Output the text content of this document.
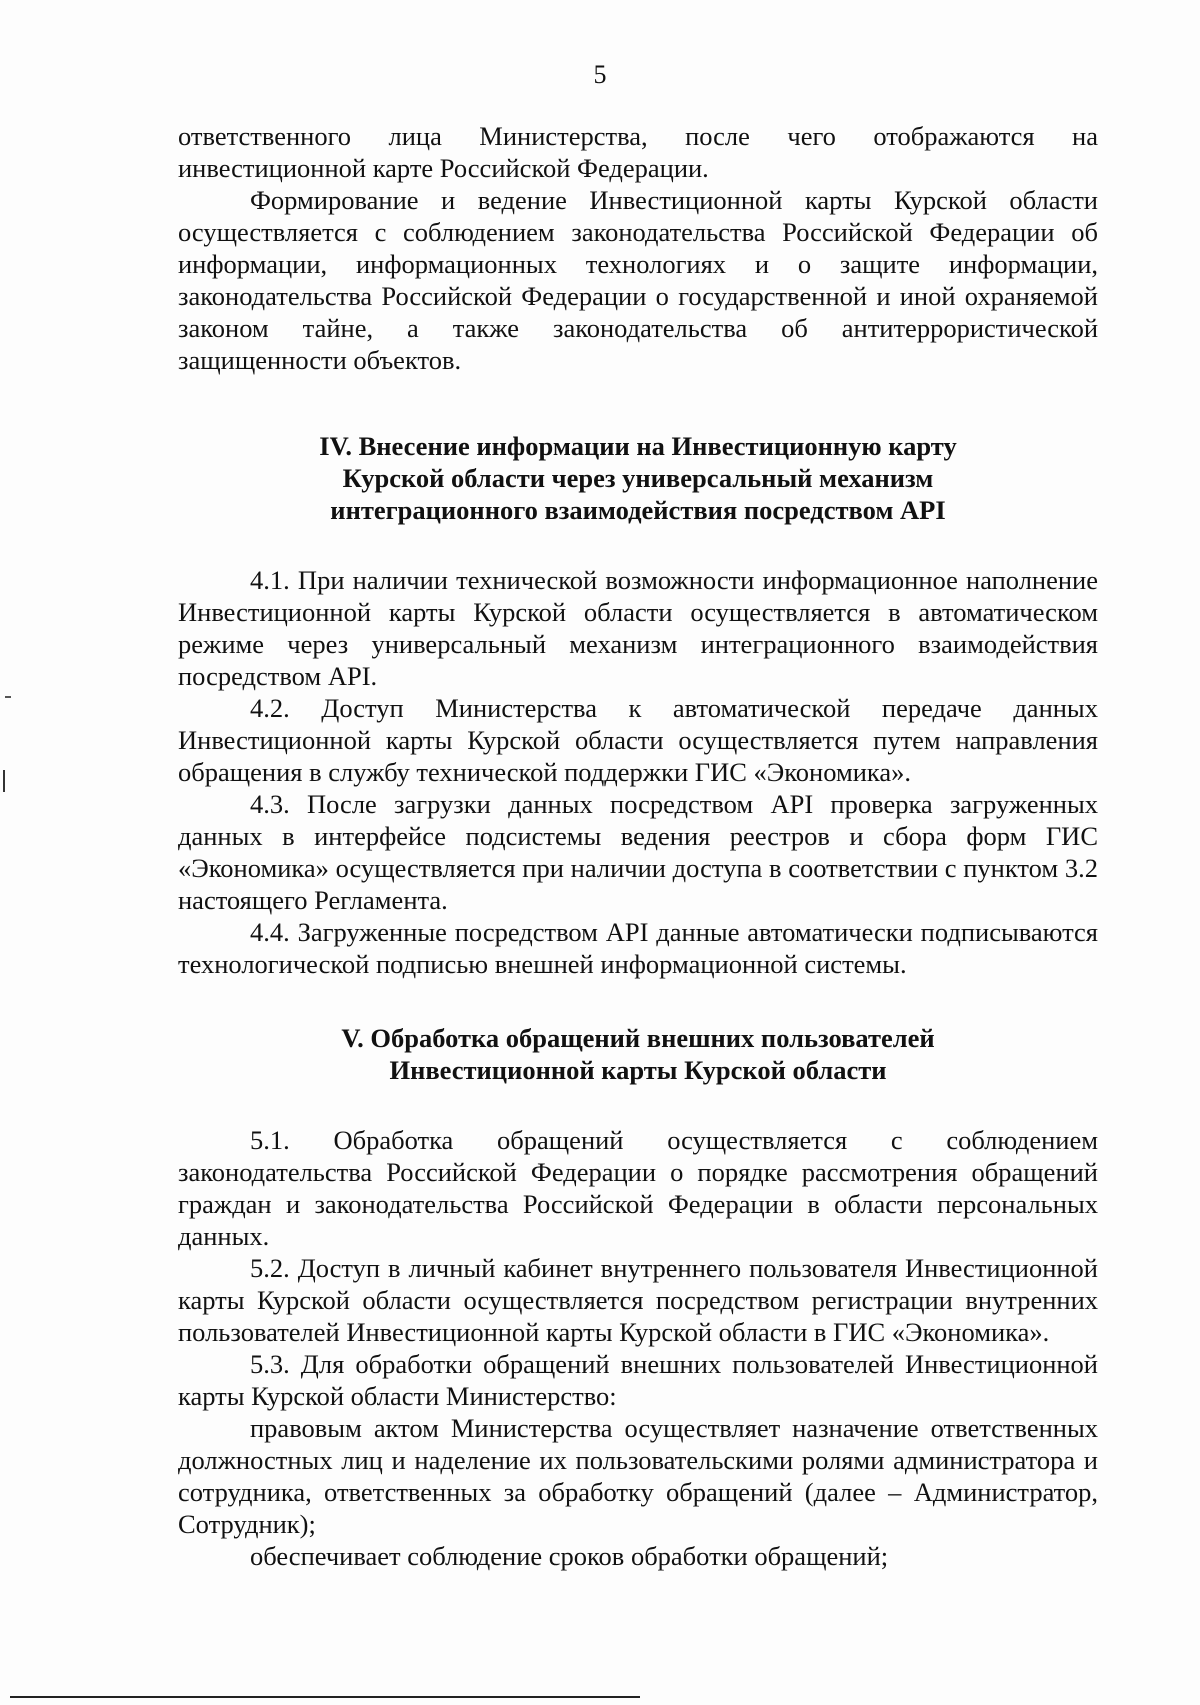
5

ответственного лица Министерства, после чего отображаются на инвестиционной карте Российской Федерации.

Формирование и ведение Инвестиционной карты Курской области осуществляется с соблюдением законодательства Российской Федерации об информации, информационных технологиях и о защите информации, законодательства Российской Федерации о государственной и иной охраняемой законом тайне, а также законодательства об антитеррористической защищенности объектов.

IV. Внесение информации на Инвестиционную карту
Курской области через универсальный механизм
интеграционного взаимодействия посредством API

4.1. При наличии технической возможности информационное наполнение Инвестиционной карты Курской области осуществляется в автоматическом режиме через универсальный механизм интеграционного взаимодействия посредством API.

4.2. Доступ Министерства к автоматической передаче данных Инвестиционной карты Курской области осуществляется путем направления обращения в службу технической поддержки ГИС «Экономика».

4.3. После загрузки данных посредством API проверка загруженных данных в интерфейсе подсистемы ведения реестров и сбора форм ГИС «Экономика» осуществляется при наличии доступа в соответствии с пунктом 3.2 настоящего Регламента.

4.4. Загруженные посредством API данные автоматически подписываются технологической подписью внешней информационной системы.

V. Обработка обращений внешних пользователей
Инвестиционной карты Курской области

5.1. Обработка обращений осуществляется с соблюдением законодательства Российской Федерации о порядке рассмотрения обращений граждан и законодательства Российской Федерации в области персональных данных.

5.2. Доступ в личный кабинет внутреннего пользователя Инвестиционной карты Курской области осуществляется посредством регистрации внутренних пользователей Инвестиционной карты Курской области в ГИС «Экономика».

5.3. Для обработки обращений внешних пользователей Инвестиционной карты Курской области Министерство:

правовым актом Министерства осуществляет назначение ответственных должностных лиц и наделение их пользовательскими ролями администратора и сотрудника, ответственных за обработку обращений (далее – Администратор, Сотрудник);

обеспечивает соблюдение сроков обработки обращений;
